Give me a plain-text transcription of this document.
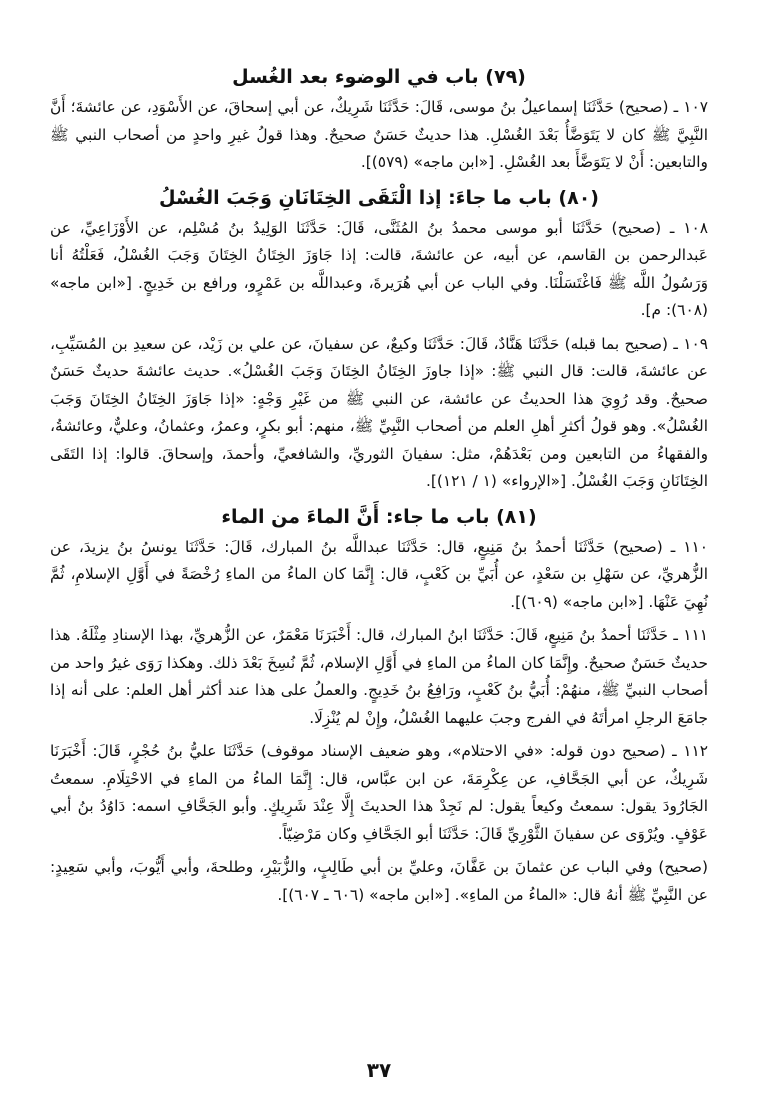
(٧٩) باب في الوضوء بعد الغُسل

١٠٧ ـ (صحيح) حَدَّثَنَا إسماعيلُ بنُ موسى، قَالَ: حَدَّثَنَا شَرِيكٌ، عن أبي إسحاقَ، عن الأَسْوَدِ، عن عائشةَ؛ أَنَّ النَّبِيَّ ﷺ كان لا يَتَوَضَّأُ بَعْدَ الغُسْلِ. هذا حديثٌ حَسَنٌ صحيحٌ. وهذا قولُ غيرِ واحدٍ من أصحاب النبي ﷺ والتابعين: أَنْ لا يَتَوَضَّأَ بعد الغُسْلِ. [«ابن ماجه» (٥٧٩)].

(٨٠) باب ما جاءَ: إذا الْتَقَى الخِتَانَانِ وَجَبَ الغُسْلُ

١٠٨ ـ (صحيح) حَدَّثَنَا أبو موسى محمدُ بنُ المُثَنَّى، قَالَ: حَدَّثَنَا الوَلِيدُ بنُ مُسْلِم، عن الأَوْزَاعِيِّ، عن عَبدالرحمن بن القاسم، عن أبيه، عن عائشةَ، قالت: إذا جَاوَزَ الخِتَانُ الخِتَانَ وَجَبَ الغُسْلُ، فَعَلْتُهُ أنا وَرَسُولُ اللَّه ﷺ فَاغْتَسَلْنَا. وفي الباب عن أبي هُرَيرةَ، وعبداللَّه بن عَمْرٍو، ورافع بن خَدِيجٍ. [«ابن ماجه» (٦٠٨): م].

١٠٩ ـ (صحيح بما قبله) حَدَّثَنَا هَنَّادٌ، قَالَ: حَدَّثَنَا وكيعٌ، عن سفيانَ، عن علي بن زَيْد، عن سعيدِ بن المُسَيِّبِ، عن عائشةَ، قالت: قال النبي ﷺ: «إذا جاوزَ الخِتَانُ الخِتَانَ وَجَبَ الغُسْلُ». حديث عائشةَ حديثٌ حَسَنٌ صحيحٌ. وقد رُوِيَ هذا الحديثُ عن عائشة، عن النبي ﷺ من غَيْرِ وَجْهٍ: «إذا جَاوَزَ الخِتَانُ الخِتَانَ وَجَبَ الغُسْلُ». وهو قولُ أكثرِ أهلِ العلم من أصحاب النَّبِيِّ ﷺ، منهم: أبو بكرٍ، وعمرُ، وعثمانُ، وعليٌّ، وعائشةُ، والفقهاءُ من التابعين ومن بَعْدَهُمْ، مثل: سفيانَ الثوريِّ، والشافعيِّ، وأحمدَ، وإسحاقَ. قالوا: إذا التَقَى الخِتَانَانِ وَجَبَ الغُسْلُ. [«الإرواء» (١ / ١٢١)].

(٨١) باب ما جاء: أَنَّ الماءَ من الماء

١١٠ ـ (صحيح) حَدَّثَنَا أحمدُ بنُ مَنِيعٍ، قال: حَدَّثَنَا عبداللَّه بنُ المبارك، قَالَ: حَدَّثَنَا يونسُ بنُ يزيدَ، عن الزُّهريِّ، عن سَهْلِ بن سَعْدٍ، عن أُبَيِّ بن كَعْبٍ، قال: إِنَّمَا كان الماءُ من الماءِ رُخْصَةً في أَوَّلِ الإسلامِ، ثُمَّ نُهِيَ عَنْهَا. [«ابن ماجه» (٦٠٩)].

١١١ ـ حَدَّثَنَا أحمدُ بنُ مَنِيعٍ، قَالَ: حَدَّثَنَا ابنُ المبارك، قال: أَخْبَرَنَا مَعْمَرٌ، عن الزُّهريِّ، بهذا الإسنادِ مِثْلَهُ. هذا حديثٌ حَسَنٌ صحيحٌ. وإِنَّمَا كان الماءُ من الماءِ في أَوَّلِ الإسلام، ثُمَّ نُسِخَ بَعْدَ ذلك. وهكذا رَوَى غيرُ واحد من أصحاب النبيِّ ﷺ، منهُمْ: أُبَيُّ بنُ كَعْبٍ، ورَافِعُ بنُ خَدِيجٍ. والعملُ على هذا عند أكثر أهل العلم: على أنه إذا جامَعَ الرجلِ امرأتَهُ في الفرج وجبَ عليهما الغُسْلُ، وإِنْ لم يُنْزِلَا.

١١٢ ـ (صحيح دون قوله: «في الاحتلام»، وهو ضعيف الإسناد موقوف) حَدَّثَنَا عليُّ بنُ حُجْرٍ، قَالَ: أَخْبَرَنَا شَرِيكٌ، عن أبي الجَحَّافِ، عن عِكْرِمَةَ، عن ابن عبَّاس، قال: إِنَّمَا الماءُ من الماءِ في الاحْتِلَامِ. سمعتُ الجَارُودَ يقول: سمعتُ وكيعاً يقول: لم نَجِدْ هذا الحديثَ إِلَّا عِنْدَ شَرِيكٍ. وأبو الجَحَّافِ اسمه: دَاوُدُ بنُ أبي عَوْفٍ. ويُرْوَى عن سفيانَ الثَّوْرِيِّ قَالَ: حَدَّثَنَا أبو الجَحَّافِ وكان مَرْضِيّاً.

(صحيح) وفي الباب عن عثمانَ بن عَفَّانَ، وعليِّ بن أبي طَالِبٍ، والزُّبَيْرِ، وطلحةَ، وأبي أَيُّوبَ، وأبي سَعِيدٍ: عن النَّبِيِّ ﷺ أنهُ قال: «الماءُ من الماءِ». [«ابن ماجه» (٦٠٦ ـ ٦٠٧)].

٣٧
